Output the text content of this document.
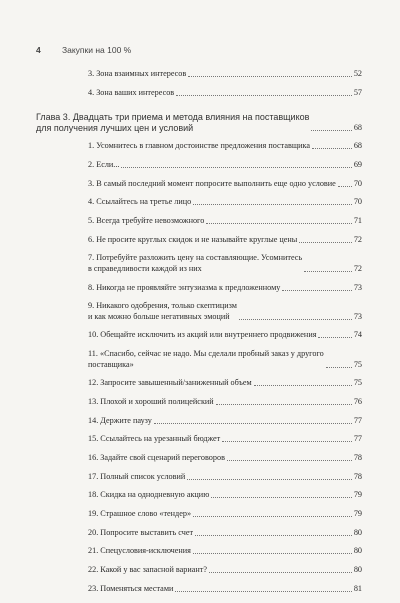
4	Закупки на 100 %
3. Зона взаимных интересов	52
4. Зона ваших интересов	57
Глава 3. Двадцать три приема и метода влияния на поставщиков
для получения лучших цен и условий	68
1. Усомнитесь в главном достоинстве предложения поставщика	68
2. Если...	69
3. В самый последний момент попросите выполнить еще одно условие 70
4. Ссылайтесь на третье лицо	70
5. Всегда требуйте невозможного	71
6. Не просите круглых скидок и не называйте круглые цены	72
7. Потребуйте разложить цену на составляющие. Усомнитесь
в справедливости каждой из них	72
8. Никогда не проявляйте энтузиазма к предложенному	73
9. Никакого одобрения, только скептицизм
и как можно больше негативных эмоций	73
10. Обещайте исключить из акций или внутреннего продвижения	74
11. «Спасибо, сейчас не надо. Мы сделали пробный заказ у другого
поставщика»	75
12. Запросите завышенный/заниженный объем	75
13. Плохой и хороший полицейский	76
14. Держите паузу	77
15. Ссылайтесь на урезанный бюджет	77
16. Задайте свой сценарий переговоров	78
17. Полный список условий	78
18. Скидка на однодневную акцию	79
19. Страшное слово «тендер»	79
20. Попросите выставить счет	80
21. Спецусловия-исключения	80
22. Какой у вас запасной вариант?	80
23. Поменяться местами	81
